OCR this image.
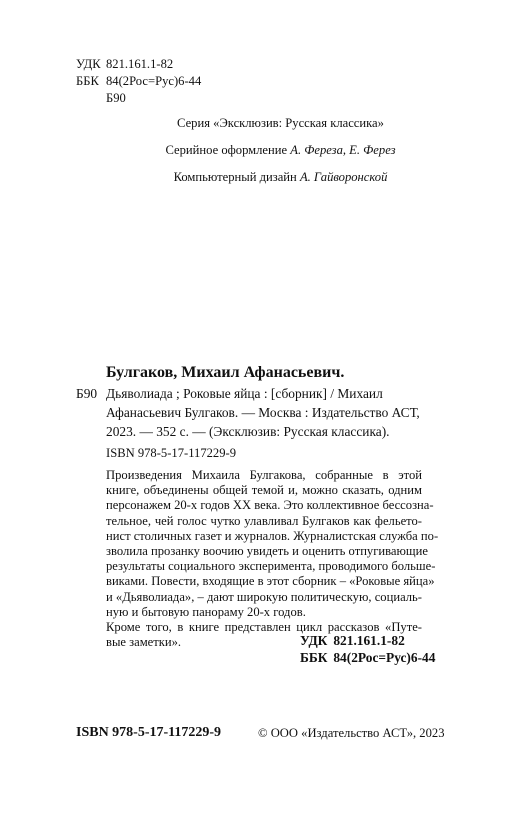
УДК 821.161.1-82
ББК 84(2Рос=Рус)6-44
Б90
Серия «Эксклюзив: Русская классика»
Серийное оформление А. Фереза, Е. Ферез
Компьютерный дизайн А. Гайворонской
Булгаков, Михаил Афанасьевич.
Б90 Дьяволиада ; Роковые яйца : [сборник] / Михаил
Афанасьевич Булгаков. — Москва : Издательство АСТ,
2023. — 352 с. — (Эксклюзив: Русская классика).
ISBN 978-5-17-117229-9
Произведения Михаила Булгакова, собранные в этой
книге, объединены общей темой и, можно сказать, одним
персонажем 20-х годов XX века. Это коллективное бессозна-
тельное, чей голос чутко улавливал Булгаков как фельето-
нист столичных газет и журналов. Журналистская служба по-
зволила прозанку воочию увидеть и оценить отпугивающие
результаты социального эксперимента, проводимого больше-
виками. Повести, входящие в этот сборник – «Роковые яйца»
и «Дьяволиада», – дают широкую политическую, социаль-
ную и бытовую панораму 20-х годов.
Кроме того, в книге представлен цикл рассказов «Путе-
вые заметки».	УДК 821.161.1-82
ББК 84(2Рос=Рус)6-44
ISBN 978-5-17-117229-9	© ООО «Издательство АСТ», 2023
